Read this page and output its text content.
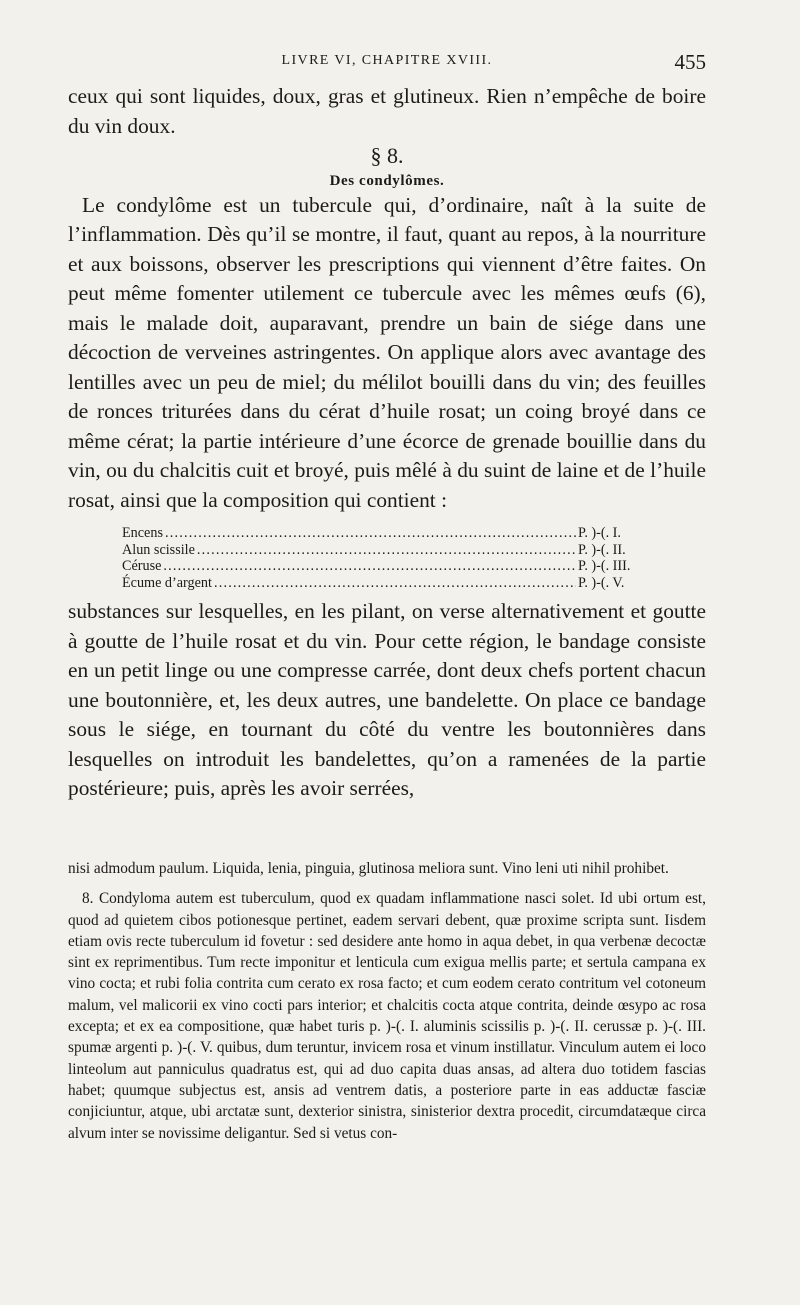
LIVRE VI, CHAPITRE XVIII.	455

ceux qui sont liquides, doux, gras et glutineux. Rien n’empêche de boire du vin doux.

§ 8.

Des condylômes.

Le condylôme est un tubercule qui, d’ordinaire, naît à la suite de l’inflammation. Dès qu’il se montre, il faut, quant au repos, à la nourriture et aux boissons, observer les prescriptions qui viennent d’être faites. On peut même fomenter utilement ce tubercule avec les mêmes œufs (6), mais le malade doit, auparavant, prendre un bain de siége dans une décoction de verveines astringentes. On applique alors avec avantage des lentilles avec un peu de miel; du mélilot bouilli dans du vin; des feuilles de ronces triturées dans du cérat d’huile rosat; un coing broyé dans ce même cérat; la partie intérieure d’une écorce de grenade bouillie dans du vin, ou du chalcitis cuit et broyé, puis mêlé à du suint de laine et de l’huile rosat, ainsi que la composition qui contient :

Encens .....	P. )-(. I.
Alun scissile .....	P. )-(. II.
Céruse .....	P. )-(. III.
Écume d’argent .....	P. )-(. V.

substances sur lesquelles, en les pilant, on verse alternativement et goutte à goutte de l’huile rosat et du vin. Pour cette région, le bandage consiste en un petit linge ou une compresse carrée, dont deux chefs portent chacun une boutonnière, et, les deux autres, une bandelette. On place ce bandage sous le siége, en tournant du côté du ventre les boutonnières dans lesquelles on introduit les bandelettes, qu’on a ramenées de la partie postérieure; puis, après les avoir serrées,

nisi admodum paulum. Liquida, lenia, pinguia, glutinosa meliora sunt. Vino leni uti nihil prohibet.

8. Condyloma autem est tuberculum, quod ex quadam inflammatione nasci solet. Id ubi ortum est, quod ad quietem cibos potionesque pertinet, eadem servari debent, quæ proxime scripta sunt. Iisdem etiam ovis recte tuberculum id fovetur : sed desidere ante homo in aqua debet, in qua verbenæ decoctæ sint ex reprimentibus. Tum recte imponitur et lenticula cum exigua mellis parte; et sertula campana ex vino cocta; et rubi folia contrita cum cerato ex rosa facto; et cum eodem cerato contritum vel cotoneum malum, vel malicorii ex vino cocti pars interior; et chalcitis cocta atque contrita, deinde œsypo ac rosa excepta; et ex ea compositione, quæ habet turis p. )-(. I. aluminis scissilis p. )-(. II. cerussæ p. )-(. III. spumæ argenti p. )-(. V. quibus, dum teruntur, invicem rosa et vinum instillatur. Vinculum autem ei loco linteolum aut panniculus quadratus est, qui ad duo capita duas ansas, ad altera duo totidem fascias habet; quumque subjectus est, ansis ad ventrem datis, a posteriore parte in eas adductæ fasciæ conjiciuntur, atque, ubi arctatæ sunt, dexterior sinistra, sinisterior dextra procedit, circumdatæque circa alvum inter se novissime deligantur. Sed si vetus con-
